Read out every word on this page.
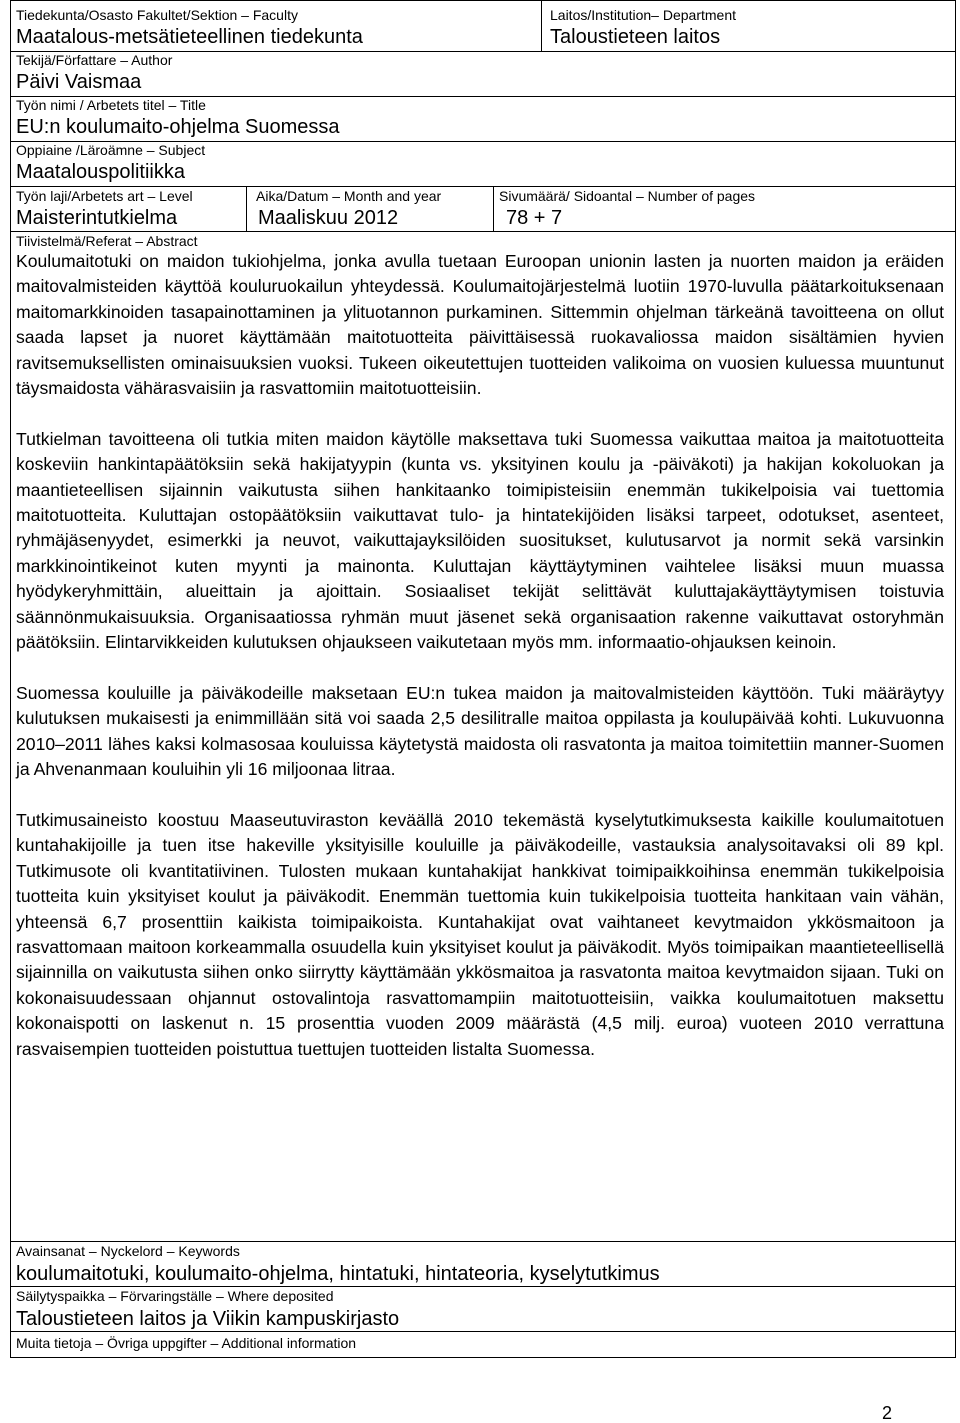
Tiedekunta/Osasto Fakultet/Sektion – Faculty
Maatalous-metsätieteellinen tiedekunta
Laitos/Institution– Department
Taloustieteen laitos
Tekijä/Författare – Author
Päivi Vaismaa
Työn nimi / Arbetets titel – Title
EU:n koulumaito-ohjelma Suomessa
Oppiaine /Läroämne – Subject
Maatalouspolitiikka
Työn laji/Arbetets art – Level
Maisterintutkielma
Aika/Datum – Month and year
Maaliskuu 2012
Sivumäärä/ Sidoantal – Number of pages
78 + 7
Tiivistelmä/Referat – Abstract

Koulumaitotuki on maidon tukiohjelma, jonka avulla tuetaan Euroopan unionin lasten ja nuorten maidon ja eräiden maitovalmisteiden käyttöä kouluruokailun yhteydessä. Koulumaitojärjestelmä luotiin 1970-luvulla päätarkoituksenaan maitomarkkinoiden tasapainottaminen ja ylituotannon purkaminen. Sittemmin ohjelman tärkeänä tavoitteena on ollut saada lapset ja nuoret käyttämään maitotuotteita päivittäisessä ruokavaliossa maidon sisältämien hyvien ravitsemuksellisten ominaisuuksien vuoksi. Tukeen oikeutettujen tuotteiden valikoima on vuosien kuluessa muuntunut täysmaidosta vähärasvaisiin ja rasvattomiin maitotuotteisiin.

Tutkielman tavoitteena oli tutkia miten maidon käytölle maksettava tuki Suomessa vaikuttaa maitoa ja maitotuotteita koskeviin hankintapäätöksiin sekä hakijatyypin (kunta vs. yksityinen koulu ja -päiväkoti) ja hakijan kokoluokan ja maantieteellisen sijainnin vaikutusta siihen hankitaanko toimipisteisiin enemmän tukikelpoisia vai tuettomia maitotuotteita. Kuluttajan ostopäätöksiin vaikuttavat tulo- ja hintatekijöiden lisäksi tarpeet, odotukset, asenteet, ryhmäjäsenyydet, esimerkki ja neuvot, vaikuttajayksilöiden suositukset, kulutusarvot ja normit sekä varsinkin markkinointikeinot kuten myynti ja mainonta. Kuluttajan käyttäytyminen vaihtelee lisäksi muun muassa hyödykeryhmittäin, alueittain ja ajoittain. Sosiaaliset tekijät selittävät kuluttajakäyttäytymisen toistuvia säännönmukaisuuksia. Organisaatiossa ryhmän muut jäsenet sekä organisaation rakenne vaikuttavat ostoryhmän päätöksiin. Elintarvikkeiden kulutuksen ohjaukseen vaikutetaan myös mm. informaatio-ohjauksen keinoin.

Suomessa kouluille ja päiväkodeille maksetaan EU:n tukea maidon ja maitovalmisteiden käyttöön. Tuki määräytyy kulutuksen mukaisesti ja enimmillään sitä voi saada 2,5 desilitralle maitoa oppilasta ja koulupäivää kohti. Lukuvuonna 2010–2011 lähes kaksi kolmasosaa kouluissa käytetystä maidosta oli rasvatonta ja maitoa toimitettiin manner-Suomen ja Ahvenanmaan kouluihin yli 16 miljoonaa litraa.

Tutkimusaineisto koostuu Maaseutuviraston keväällä 2010 tekemästä kyselytutkimuksesta kaikille koulumaitotuen kuntahakijoille ja tuen itse hakeville yksityisille kouluille ja päiväkodeille, vastauksia analysoitavaksi oli 89 kpl. Tutkimusote oli kvantitatiivinen. Tulosten mukaan kuntahakijat hankkivat toimipaikkoihinsa enemmän tukikelpoisia tuotteita kuin yksityiset koulut ja päiväkodit. Enemmän tuettomia kuin tukikelpoisia tuotteita hankitaan vain vähän, yhteensä 6,7 prosenttiin kaikista toimipaikoista. Kuntahakijat ovat vaihtaneet kevytmaidon ykkösmaitoon ja rasvattomaan maitoon korkeammalla osuudella kuin yksityiset koulut ja päiväkodit. Myös toimipaikan maantieteellisellä sijainnilla on vaikutusta siihen onko siirrytty käyttämään ykkösmaitoa ja rasvatonta maitoa kevytmaidon sijaan. Tuki on kokonaisuudessaan ohjannut ostovalintoja rasvattomampiin maitotuotteisiin, vaikka koulumaitotuen maksettu kokonaispotti on laskenut n. 15 prosenttia vuoden 2009 määrästä (4,5 milj. euroa) vuoteen 2010 verrattuna rasvaisempien tuotteiden poistuttua tuettujen tuotteiden listalta Suomessa.

Avainsanat – Nyckelord – Keywords
koulumaitotuki, koulumaito-ohjelma, hintatuki, hintateoria, kyselytutkimus
Säilytyspaikka – Förvaringställe – Where deposited
Taloustieteen laitos ja Viikin kampuskirjasto
Muita tietoja – Övriga uppgifter – Additional information
2
